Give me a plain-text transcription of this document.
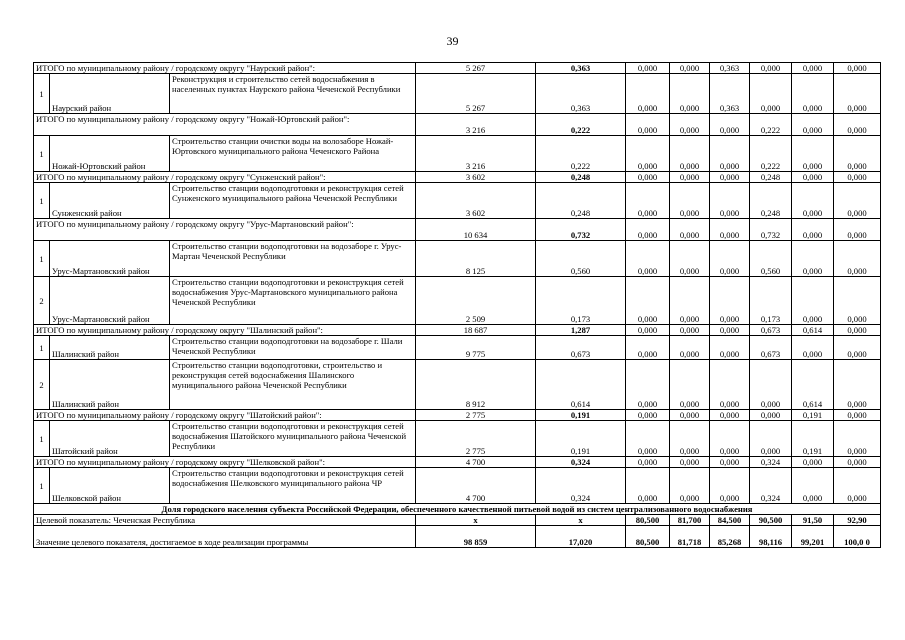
39
ИТОГО по муниципальному району / городскому округу "Наурский район":			5 267	0,363	0,000	0,000	0,363	0,000	0,000	0,000
1	Наурский район	Реконструкция и строительство сетей водоснабжения в населенных пунктах Наурского района Чеченской Республики	5 267	0,363	0,000	0,000	0,363	0,000	0,000	0,000
ИТОГО по муниципальному району / городскому округу "Ножай-Юртовский район":			3 216	0,222	0,000	0,000	0,000	0,222	0,000	0,000
1	Ножай-Юртовский район	Строительство станции очистки воды на волозаборе Ножай-Юртовского муниципального района Чеченского Района	3 216	0,222	0,000	0,000	0,000	0,222	0,000	0,000
ИТОГО по муниципальному району / городскому округу "Сунженский район":			3 602	0,248	0,000	0,000	0,000	0,248	0,000	0,000
1	Сунженский район	Строительство станции водоподготовки и реконструкция сетей Сунженского муниципального района Чеченской Республики	3 602	0,248	0,000	0,000	0,000	0,248	0,000	0,000
ИТОГО по муниципальному району / городскому округу "Урус-Мартановский район":			10 634	0,732	0,000	0,000	0,000	0,732	0,000	0,000
1	Урус-Мартановский район	Строительство станции водоподготовки на водозаборе г. Урус-Мартан Чеченской Республики	8 125	0,560	0,000	0,000	0,000	0,560	0,000	0,000
2	Урус-Мартановский район	Строительство станции водоподготовки и реконструкция сетей водоснабжения Урус-Мартановского муниципального района Чеченской Республики	2 509	0,173	0,000	0,000	0,000	0,173	0,000	0,000
ИТОГО по муниципальному району / городскому округу "Шалинский район":			18 687	1,287	0,000	0,000	0,000	0,673	0,614	0,000
1	Шалинский район	Строительство станции водоподготовки на водозаборе г. Шали Чеченской Республики	9 775	0,673	0,000	0,000	0,000	0,673	0,000	0,000
2	Шалинский район	Строительство станции водоподготовки, строительство и реконструкция сетей водоснабжения Шалинского муниципального района Чеченской Республики	8 912	0,614	0,000	0,000	0,000	0,000	0,614	0,000
ИТОГО по муниципальному району / городскому округу "Шатойский район":			2 775	0,191	0,000	0,000	0,000	0,000	0,191	0,000
1	Шатойский район	Строительство станции водоподготовки и реконструкция сетей водоснабжения Шатойского муниципального района Чеченской Республики	2 775	0,191	0,000	0,000	0,000	0,000	0,191	0,000
ИТОГО по муниципальному району / городскому округу "Шелковской район":			4 700	0,324	0,000	0,000	0,000	0,324	0,000	0,000
1	Шелковской район	Строительство станции водоподготовки и реконструкция сетей водоснабжения Шелковского муниципального района ЧР	4 700	0,324	0,000	0,000	0,000	0,324	0,000	0,000
Доля городского населения субъекта Российской Федерации, обеспеченного качественной питьевой водой из систем централизованного водоснабжения										
Целевой показатель: Чеченская Республика			x	x	80,500	81,700	84,500	90,500	91,50	92,90
Значение целевого показателя, достигаемое в ходе реализации программы			98 859	17,020	80,500	81,718	85,268	98,116	99,201	100,0 0
